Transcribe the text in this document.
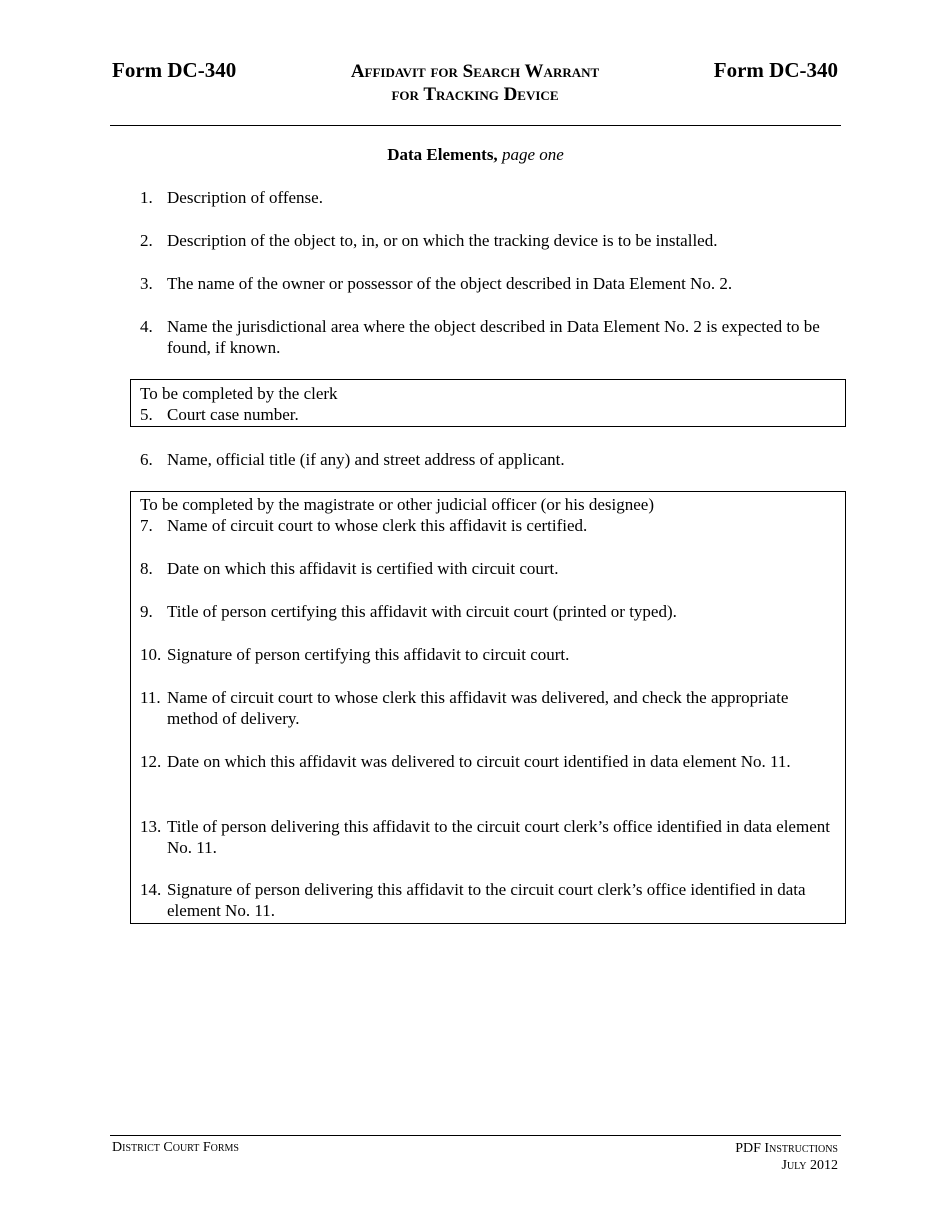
Form DC-340	Affidavit for Search Warrant
for Tracking Device
Form DC-340
Data Elements, page one
1. Description of offense.
2. Description of the object to, in, or on which the tracking device is to be installed.
3. The name of the owner or possessor of the object described in Data Element No. 2.
4. Name the jurisdictional area where the object described in Data Element No. 2 is expected to be found, if known.
To be completed by the clerk
5. Court case number.
6. Name, official title (if any) and street address of applicant.
To be completed by the magistrate or other judicial officer (or his designee)
7. Name of circuit court to whose clerk this affidavit is certified.
8. Date on which this affidavit is certified with circuit court.
9. Title of person certifying this affidavit with circuit court (printed or typed).
10. Signature of person certifying this affidavit to circuit court.
11. Name of circuit court to whose clerk this affidavit was delivered, and check the appropriate method of delivery.
12. Date on which this affidavit was delivered to circuit court identified in data element No. 11.
13. Title of person delivering this affidavit to the circuit court clerk’s office identified in data element No. 11.
14. Signature of person delivering this affidavit to the circuit court clerk’s office identified in data element No. 11.
District Court Forms	PDF Instructions
July 2012
